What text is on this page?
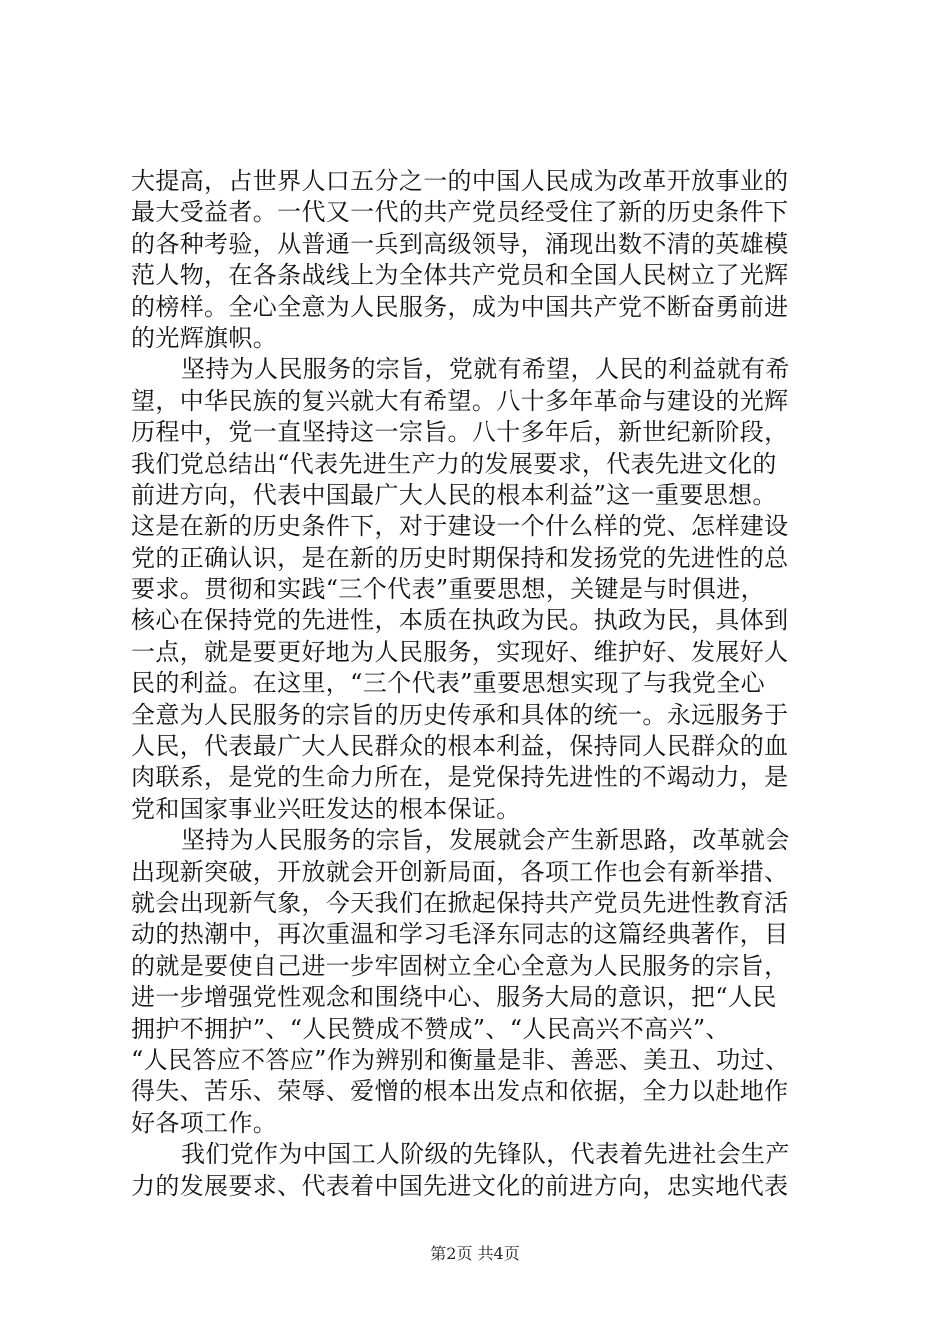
大提高，占世界人口五分之一的中国人民成为改革开放事业的
最大受益者。一代又一代的共产党员经受住了新的历史条件下
的各种考验，从普通一兵到高级领导，涌现出数不清的英雄模
范人物，在各条战线上为全体共产党员和全国人民树立了光辉
的榜样。全心全意为人民服务，成为中国共产党不断奋勇前进
的光辉旗帜。
坚持为人民服务的宗旨，党就有希望，人民的利益就有希
望，中华民族的复兴就大有希望。八十多年革命与建设的光辉
历程中，党一直坚持这一宗旨。八十多年后，新世纪新阶段，
我们党总结出“代表先进生产力的发展要求，代表先进文化的
前进方向，代表中国最广大人民的根本利益”这一重要思想。
这是在新的历史条件下，对于建设一个什么样的党、怎样建设
党的正确认识，是在新的历史时期保持和发扬党的先进性的总
要求。贯彻和实践“三个代表”重要思想，关键是与时俱进，
核心在保持党的先进性，本质在执政为民。执政为民，具体到
一点，就是要更好地为人民服务，实现好、维护好、发展好人
民的利益。在这里，“三个代表”重要思想实现了与我党全心
全意为人民服务的宗旨的历史传承和具体的统一。永远服务于
人民，代表最广大人民群众的根本利益，保持同人民群众的血
肉联系，是党的生命力所在，是党保持先进性的不竭动力，是
党和国家事业兴旺发达的根本保证。
坚持为人民服务的宗旨，发展就会产生新思路，改革就会
出现新突破，开放就会开创新局面，各项工作也会有新举措、
就会出现新气象，今天我们在掀起保持共产党员先进性教育活
动的热潮中，再次重温和学习毛泽东同志的这篇经典著作，目
的就是要使自己进一步牢固树立全心全意为人民服务的宗旨，
进一步增强党性观念和围绕中心、服务大局的意识，把“人民
拥护不拥护”、“人民赞成不赞成”、“人民高兴不高兴”、
“人民答应不答应”作为辨别和衡量是非、善恶、美丑、功过、
得失、苦乐、荣辱、爱憎的根本出发点和依据，全力以赴地作
好各项工作。
我们党作为中国工人阶级的先锋队，代表着先进社会生产
力的发展要求、代表着中国先进文化的前进方向，忠实地代表
第2页 共4页
